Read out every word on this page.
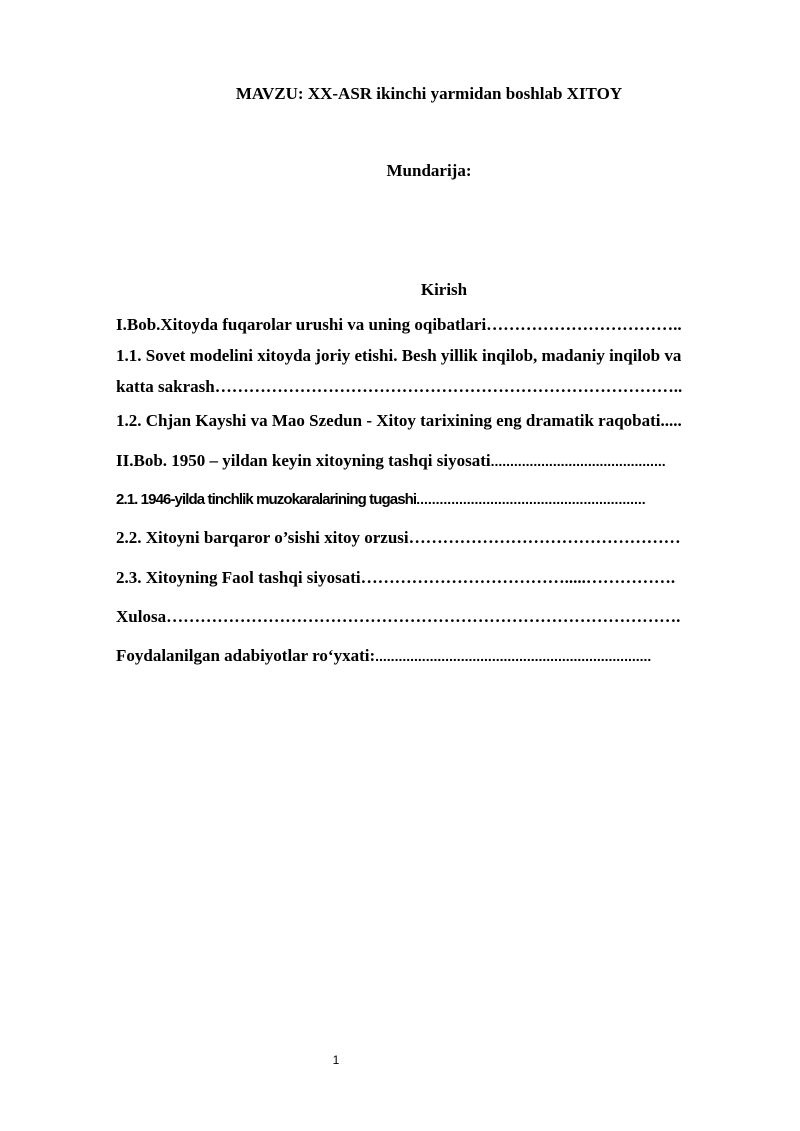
MAVZU: XX-ASR ikinchi yarmidan boshlab XITOY
Mundarija:
Kirish
I.Bob.Xitoyda fuqarolar urushi va uning oqibatlari……………………………..
1.1. Sovet modelini xitoyda joriy etishi. Besh yillik inqilob, madaniy inqilob va
katta sakrash………………………………………………………………………..
1.2. Chjan Kayshi va Mao Szedun - Xitoy tarixining eng dramatik raqobati.....
II.Bob. 1950 – yildan keyin xitoyning tashqi siyosati.............................................
2.1. 1946-yilda tinchlik muzokaralarining tugashi...........................................................
2.2. Xitoyni barqaror o’sishi xitoy orzusi…………………………………………
2.3. Xitoyning Faol tashqi siyosati……………………………….....…………….
Xulosa……………………………………………………………………………….
Foydalanilgan adabiyotlar ro‘yxati:.......................................................................
1
